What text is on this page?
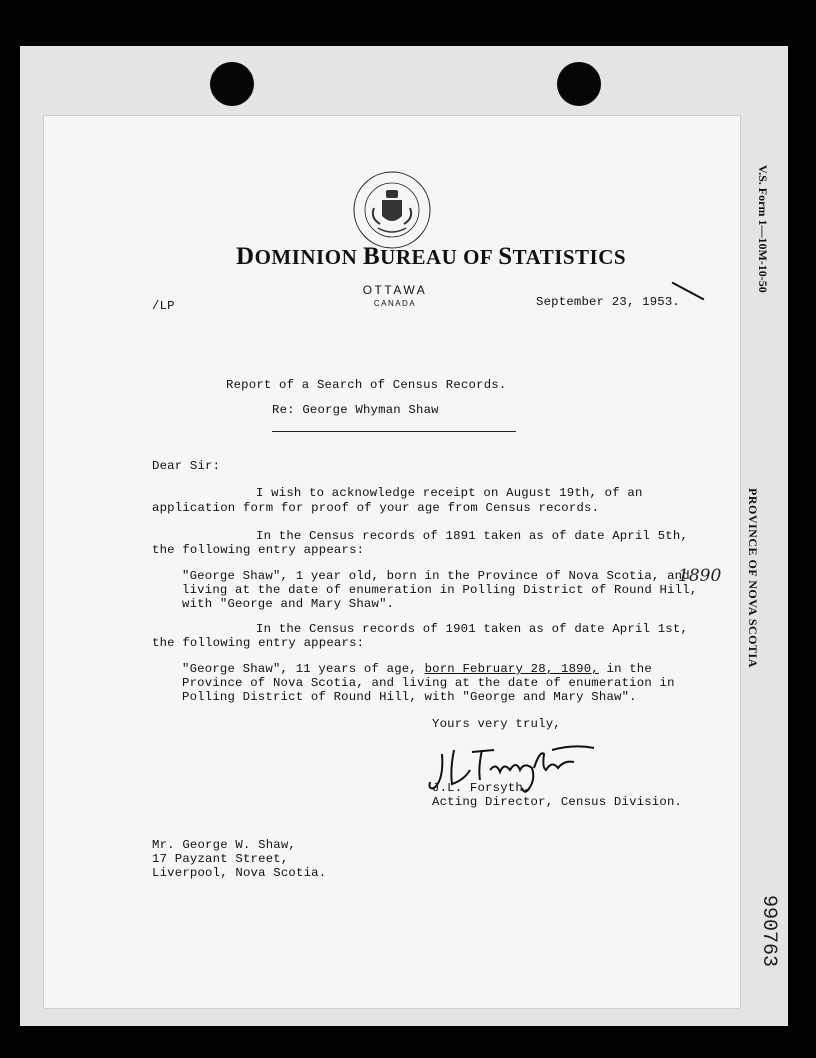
V.S. Form 1—10M-10-50
PROVINCE OF NOVA SCOTIA
990763
DOMINION BUREAU OF STATISTICS
OTTAWA
CANADA
/LP	September 23, 1953.
Report of a Search of Census Records.
Re: George Whyman Shaw
Dear Sir:
I wish to acknowledge receipt on August 19th, of an
application form for proof of your age from Census records.
In the Census records of 1891 taken as of date April 5th,
the following entry appears:
"George Shaw", 1 year old, born in the Province of Nova Scotia, and
living at the date of enumeration in Polling District of Round Hill,
with "George and Mary Shaw".
1890
In the Census records of 1901 taken as of date April 1st,
the following entry appears:
"George Shaw", 11 years of age, born February 28, 1890, in the
Province of Nova Scotia, and living at the date of enumeration in
Polling District of Round Hill, with "George and Mary Shaw".
Yours very truly,
J.L. Forsyth
J.L. Forsyth,
Acting Director, Census Division.
Mr. George W. Shaw,
17 Payzant Street,
Liverpool, Nova Scotia.
